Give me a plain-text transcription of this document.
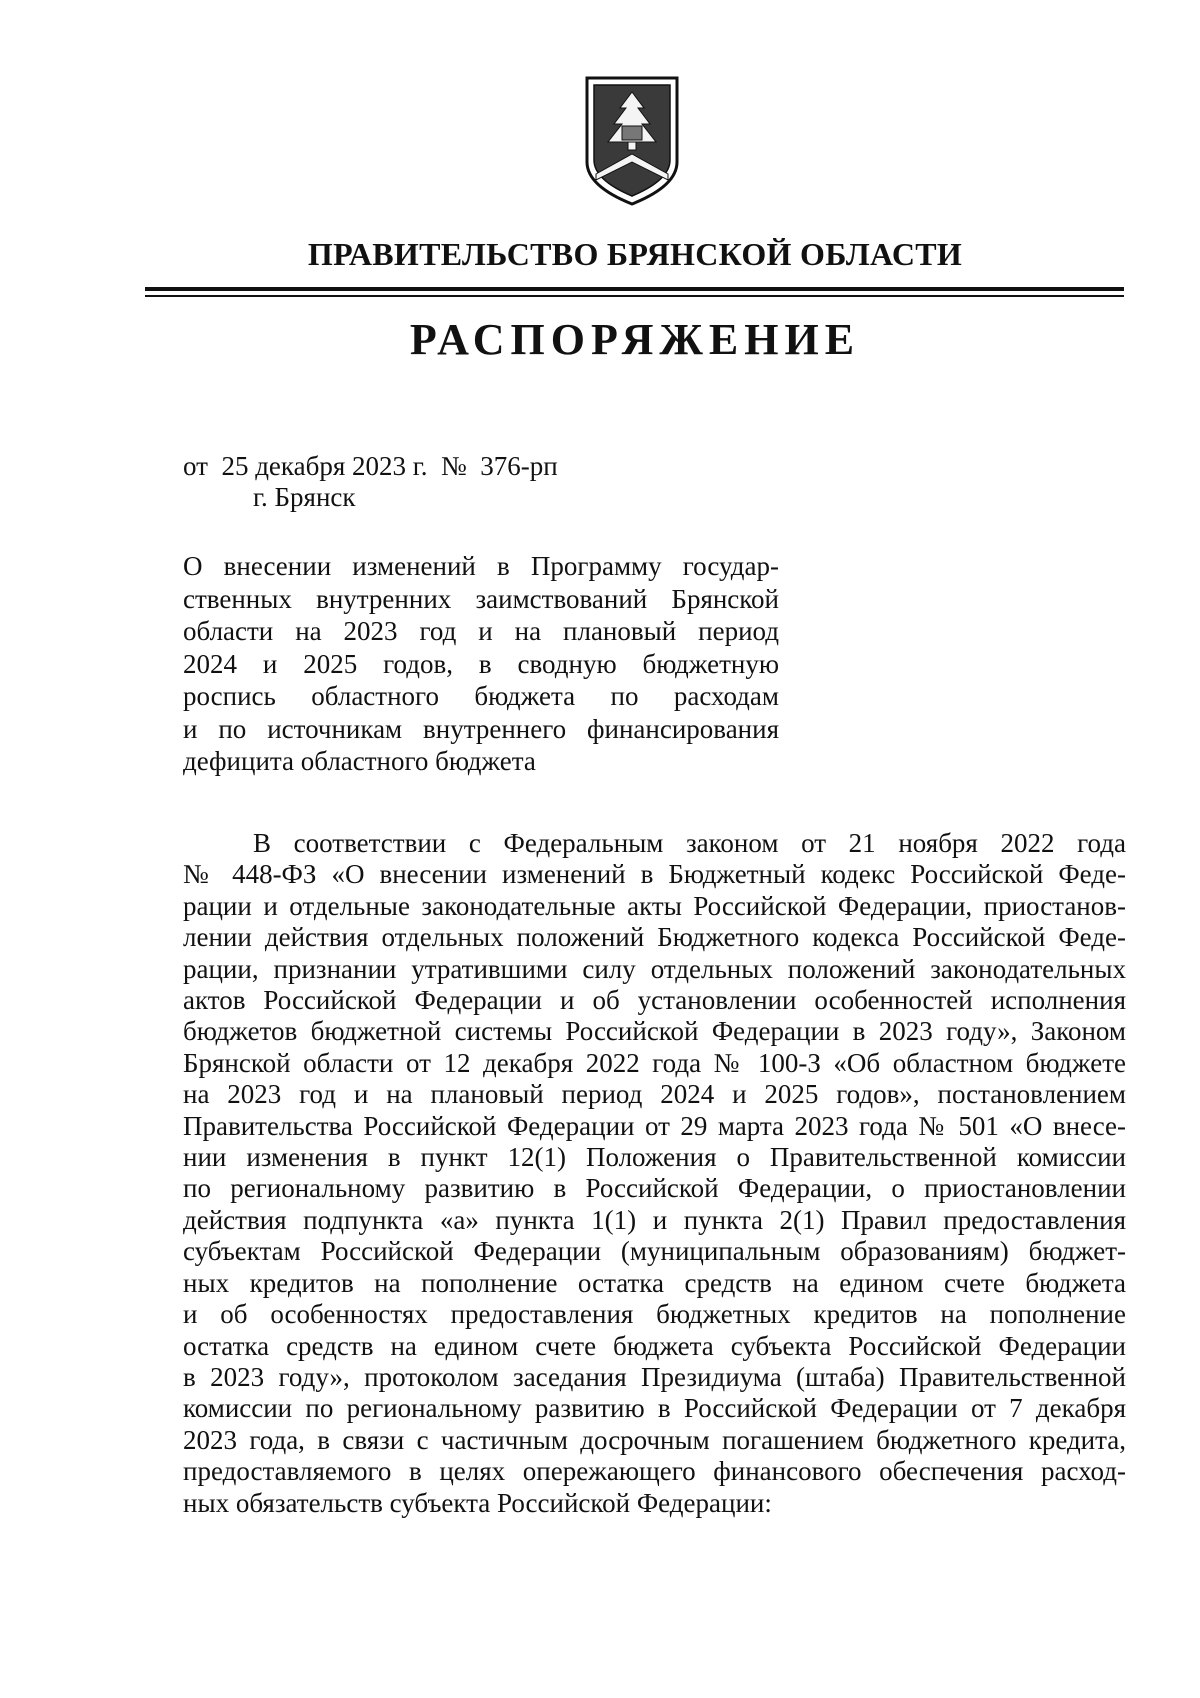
ПРАВИТЕЛЬСТВО БРЯНСКОЙ ОБЛАСТИ
РАСПОРЯЖЕНИЕ
от  25 декабря 2023 г.  №  376-рп
г. Брянск
О внесении изменений в Программу государ-
ственных внутренних заимствований Брянской
области на 2023 год и на плановый период
2024 и 2025 годов, в сводную бюджетную
роспись областного бюджета по расходам
и по источникам внутреннего финансирования
дефицита областного бюджета
В соответствии с Федеральным законом от 21 ноября 2022 года
№ 448-ФЗ «О внесении изменений в Бюджетный кодекс Российской Феде-
рации и отдельные законодательные акты Российской Федерации, приостанов-
лении действия отдельных положений Бюджетного кодекса Российской Феде-
рации, признании утратившими силу отдельных положений законодательных
актов Российской Федерации и об установлении особенностей исполнения
бюджетов бюджетной системы Российской Федерации в 2023 году», Законом
Брянской области от 12 декабря 2022 года № 100-З «Об областном бюджете
на 2023 год и на плановый период 2024 и 2025 годов», постановлением
Правительства Российской Федерации от 29 марта 2023 года № 501 «О внесе-
нии изменения в пункт 12(1) Положения о Правительственной комиссии
по региональному развитию в Российской Федерации, о приостановлении
действия подпункта «а» пункта 1(1) и пункта 2(1) Правил предоставления
субъектам Российской Федерации (муниципальным образованиям) бюджет-
ных кредитов на пополнение остатка средств на едином счете бюджета
и об особенностях предоставления бюджетных кредитов на пополнение
остатка средств на едином счете бюджета субъекта Российской Федерации
в 2023 году», протоколом заседания Президиума (штаба) Правительственной
комиссии по региональному развитию в Российской Федерации от 7 декабря
2023 года, в связи с частичным досрочным погашением бюджетного кредита,
предоставляемого в целях опережающего финансового обеспечения расход-
ных обязательств субъекта Российской Федерации:
